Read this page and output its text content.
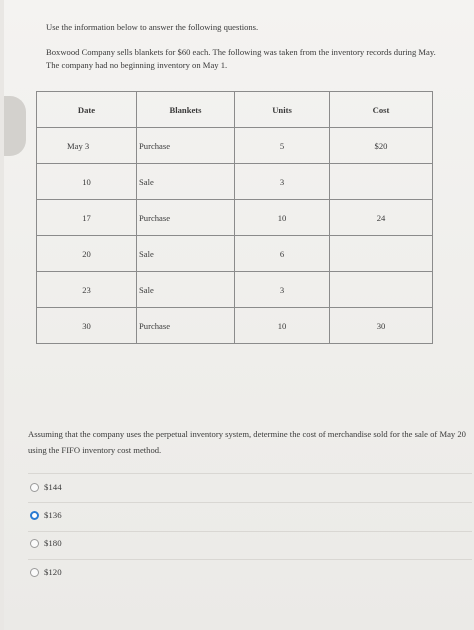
Use the information below to answer the following questions.
Boxwood Company sells blankets for $60 each. The following was taken from the inventory records during May. The company had no beginning inventory on May 1.
Date	Blankets	Units	Cost
May 3	Purchase	5	$20
10	Sale	3	
17	Purchase	10	24
20	Sale	6	
23	Sale	3	
30	Purchase	10	30
Assuming that the company uses the perpetual inventory system, determine the cost of merchandise sold for the sale of May 20 using the FIFO inventory cost method.
$144
$136
$180
$120
